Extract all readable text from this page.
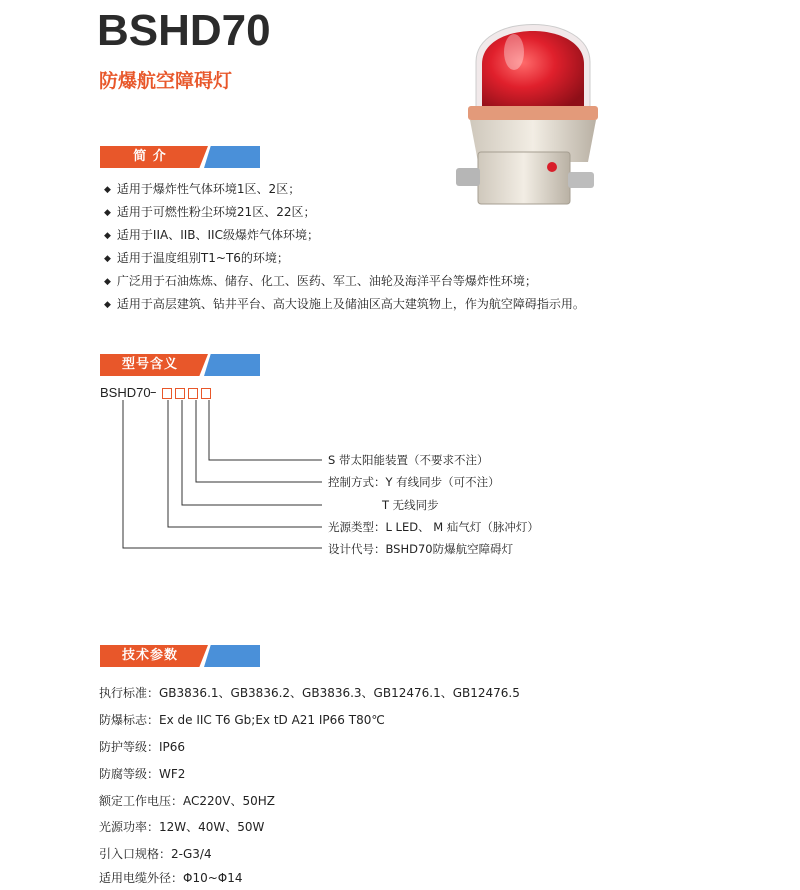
BSHD70
防爆航空障碍灯
简 介
◆ 适用于爆炸性气体环境1区、2区；
◆ 适用于可燃性粉尘环境21区、22区；
◆ 适用于IIA、IIB、IIC级爆炸气体环境；
◆ 适用于温度组别T1~T6的环境；
◆ 广泛用于石油炼炼、储存、化工、医药、军工、油轮及海洋平台等爆炸性环境；
◆ 适用于高层建筑、钻井平台、高大设施上及储油区高大建筑物上，作为航空障碍指示用。
型号含义
BSHD70 –
S 带太阳能装置（不要求不注）
控制方式：Y 有线同步（可不注）
T 无线同步
光源类型：L LED、 M 疝气灯（脉冲灯）
设计代号：BSHD70防爆航空障碍灯
技术参数
执行标准：GB3836.1、GB3836.2、GB3836.3、GB12476.1、GB12476.5
防爆标志：Ex de IIC T6 Gb;Ex tD A21 IP66 T80℃
防护等级：IP66
防腐等级：WF2
额定工作电压：AC220V、50HZ
光源功率：12W、40W、50W
引入口规格：2-G3/4
适用电缆外径：Φ10~Φ14
